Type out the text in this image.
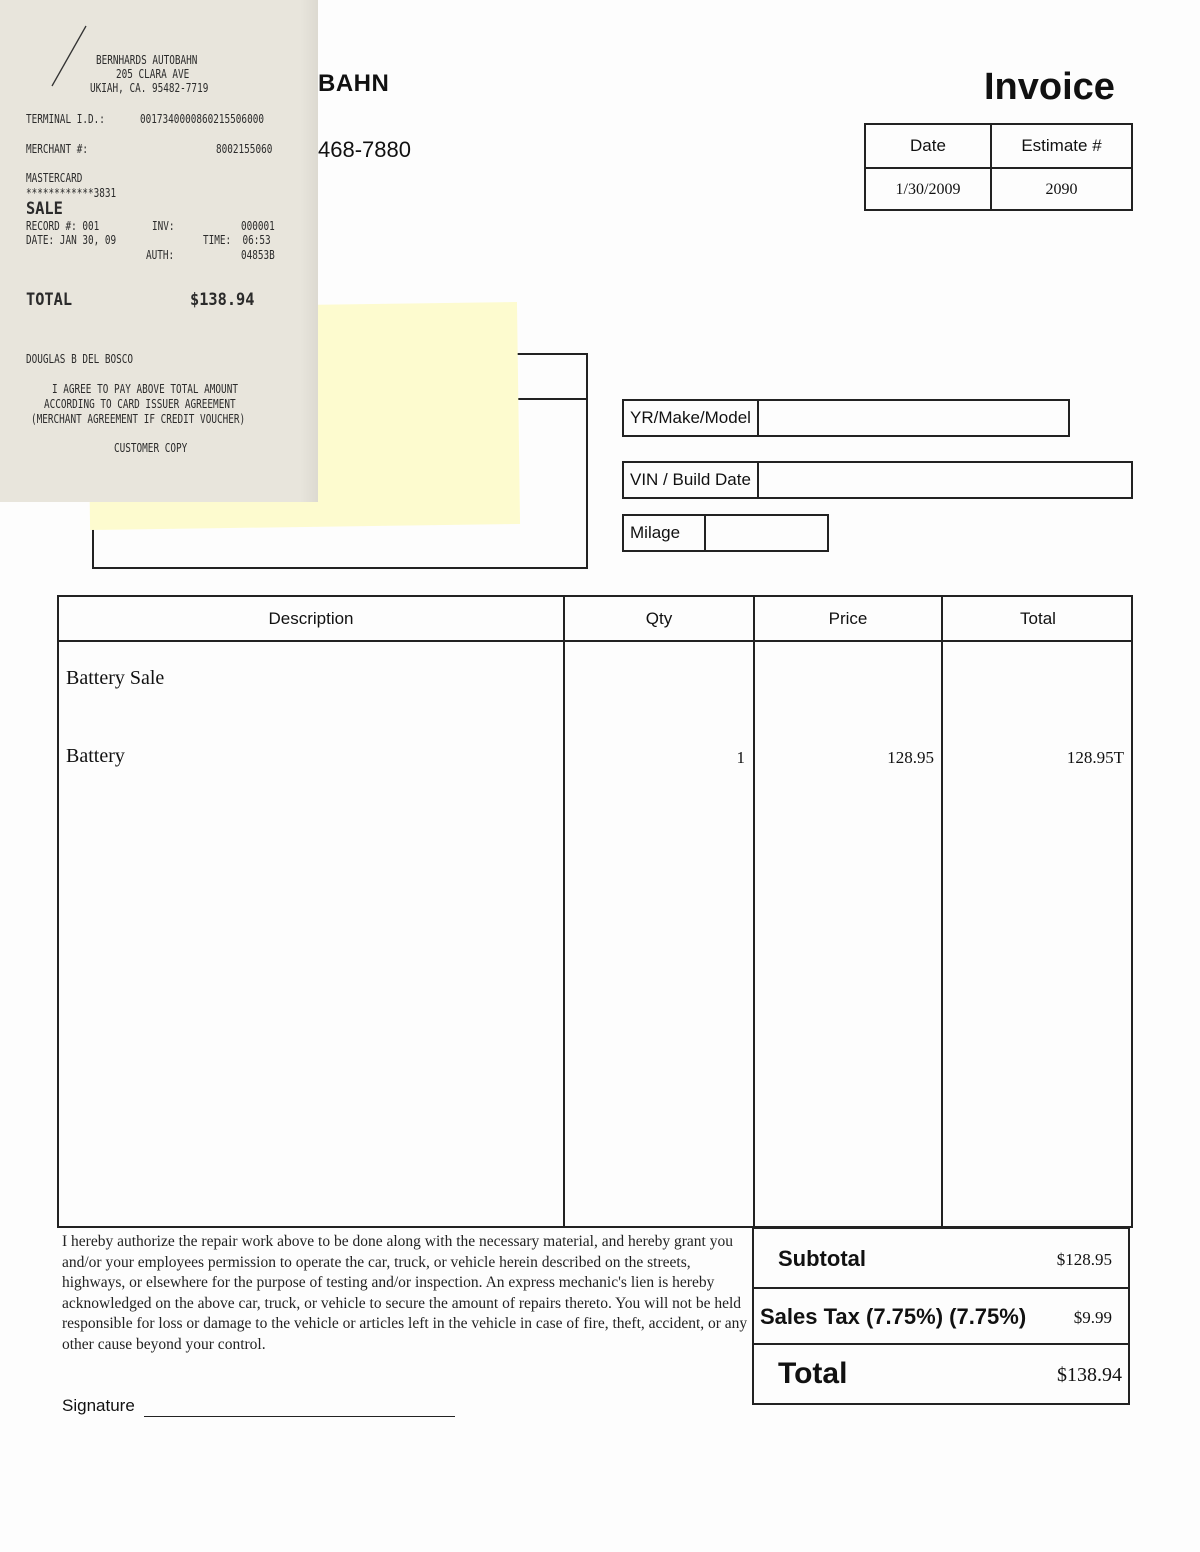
BAHN
468-7880
Invoice
Date	Estimate #
1/30/2009	2090
YR/Make/Model
VIN / Build Date
Milage
Description	Qty	Price	Total
Battery Sale
Battery	1	128.95	128.95T
I hereby authorize the repair work above to be done along with the necessary material, and hereby grant you and/or your employees permission to operate the car, truck, or vehicle herein described on the streets, highways, or elsewhere for the purpose of testing and/or inspection. An express mechanic's lien is hereby acknowledged on the above car, truck, or vehicle to secure the amount of repairs thereto. You will not be held responsible for loss or damage to the vehicle or articles left in the vehicle in case of fire, theft, accident, or any other cause beyond your control.
Signature
Subtotal	$128.95
Sales Tax (7.75%) (7.75%)	$9.99
Total	$138.94
BERNHARDS AUTOBAHN
205 CLARA AVE
UKIAH, CA. 95482-7719
TERMINAL I.D.:	0017340000860215506000
MERCHANT #:	8002155060
MASTERCARD
************3831
SALE
RECORD #: 001	INV:	000001
DATE: JAN 30, 09	TIME:  06:53
AUTH:	04853B
TOTAL	$138.94
DOUGLAS B DEL BOSCO
I AGREE TO PAY ABOVE TOTAL AMOUNT
ACCORDING TO CARD ISSUER AGREEMENT
(MERCHANT AGREEMENT IF CREDIT VOUCHER)
CUSTOMER COPY
